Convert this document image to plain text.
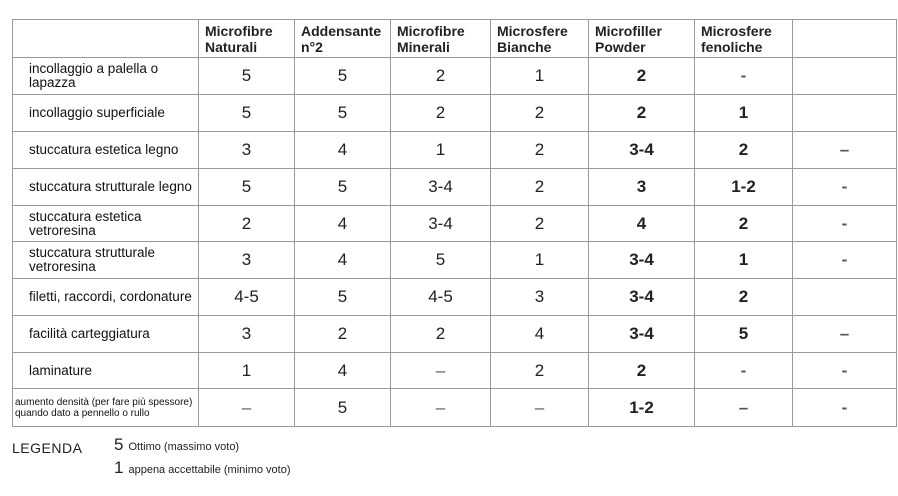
	Microfibre Naturali	Addensante n°2	Microfibre Minerali	Microsfere Bianche	Microfiller Powder	Microsfere fenoliche	
incollaggio a palella o lapazza	5	5	2	1	2	-	
incollaggio superficiale	5	5	2	2	2	1	
stuccatura estetica legno	3	4	1	2	3-4	2	–
stuccatura strutturale legno	5	5	3-4	2	3	1-2	-
stuccatura estetica vetroresina	2	4	3-4	2	4	2	-
stuccatura strutturale vetroresina	3	4	5	1	3-4	1	-
filetti, raccordi, cordonature	4-5	5	4-5	3	3-4	2	
facilità carteggiatura	3	2	2	4	3-4	5	–
laminature	1	4	–	2	2	-	-
aumento densità (per fare più spessore) quando dato a pennello o rullo	–	5	–	–	1-2	–	-
LEGENDA 5 Ottimo (massimo voto)
1 appena accettabile (minimo voto)
